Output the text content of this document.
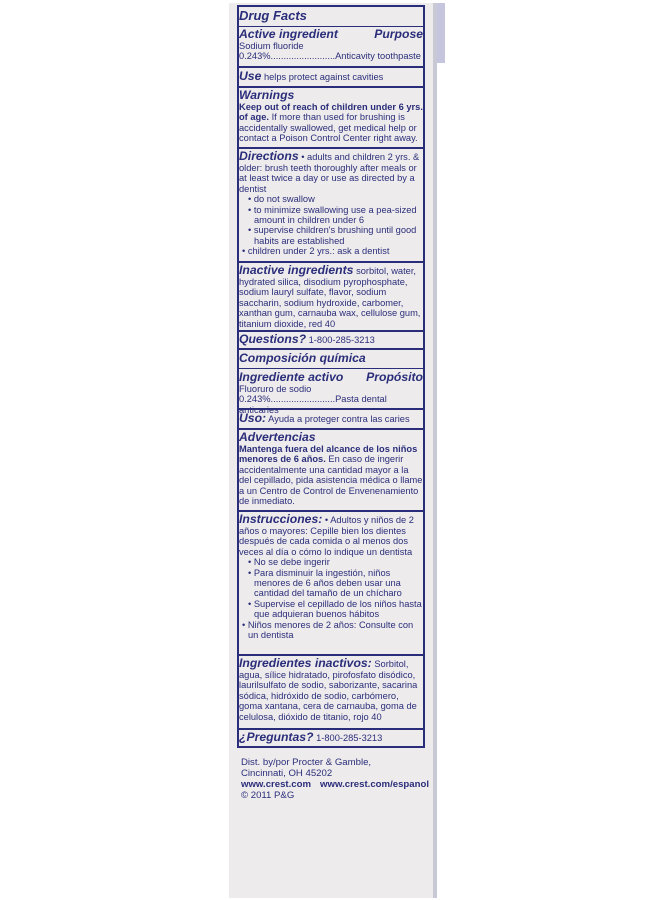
Drug Facts
Active ingredient	Purpose
Sodium fluoride
0.243%.........................Anticavity toothpaste
Use helps protect against cavities
Warnings
Keep out of reach of children under 6 yrs. of age. If more than used for brushing is accidentally swallowed, get medical help or contact a Poison Control Center right away.
Directions • adults and children 2 yrs. & older: brush teeth thoroughly after meals or at least twice a day or use as directed by a dentist
• do not swallow
• to minimize swallowing use a pea-sized amount in children under 6
• supervise children's brushing until good habits are established
• children under 2 yrs.: ask a dentist
Inactive ingredients sorbitol, water, hydrated silica, disodium pyrophosphate, sodium lauryl sulfate, flavor, sodium saccharin, sodium hydroxide, carbomer, xanthan gum, carnauba wax, cellulose gum, titanium dioxide, red 40
Questions? 1-800-285-3213
Composición química
Ingrediente activo Propósito
Fluoruro de sodio
0.243%.........................Pasta dental anticaries
Uso: Ayuda a proteger contra las caries
Advertencias
Mantenga fuera del alcance de los niños menores de 6 años. En caso de ingerir accidentalmente una cantidad mayor a la del cepillado, pida asistencia médica o llame a un Centro de Control de Envenenamiento de inmediato.
Instrucciones: • Adultos y niños de 2 años o mayores: Cepille bien los dientes después de cada comida o al menos dos veces al día o cómo lo indique un dentista
• No se debe ingerir
• Para disminuir la ingestión, niños menores de 6 años deben usar una cantidad del tamaño de un chícharo
• Supervise el cepillado de los niños hasta que adquieran buenos hábitos
• Niños menores de 2 años: Consulte con un dentista
Ingredientes inactivos: Sorbitol, agua, sílice hidratado, pirofosfato disódico, laurilsulfato de sodio, saborizante, sacarina sódica, hidróxido de sodio, carbómero, goma xantana, cera de carnauba, goma de celulosa, dióxido de titanio, rojo 40
¿Preguntas? 1-800-285-3213
Dist. by/por Procter & Gamble,
Cincinnati, OH 45202
www.crest.com www.crest.com/espanol
© 2011 P&G
